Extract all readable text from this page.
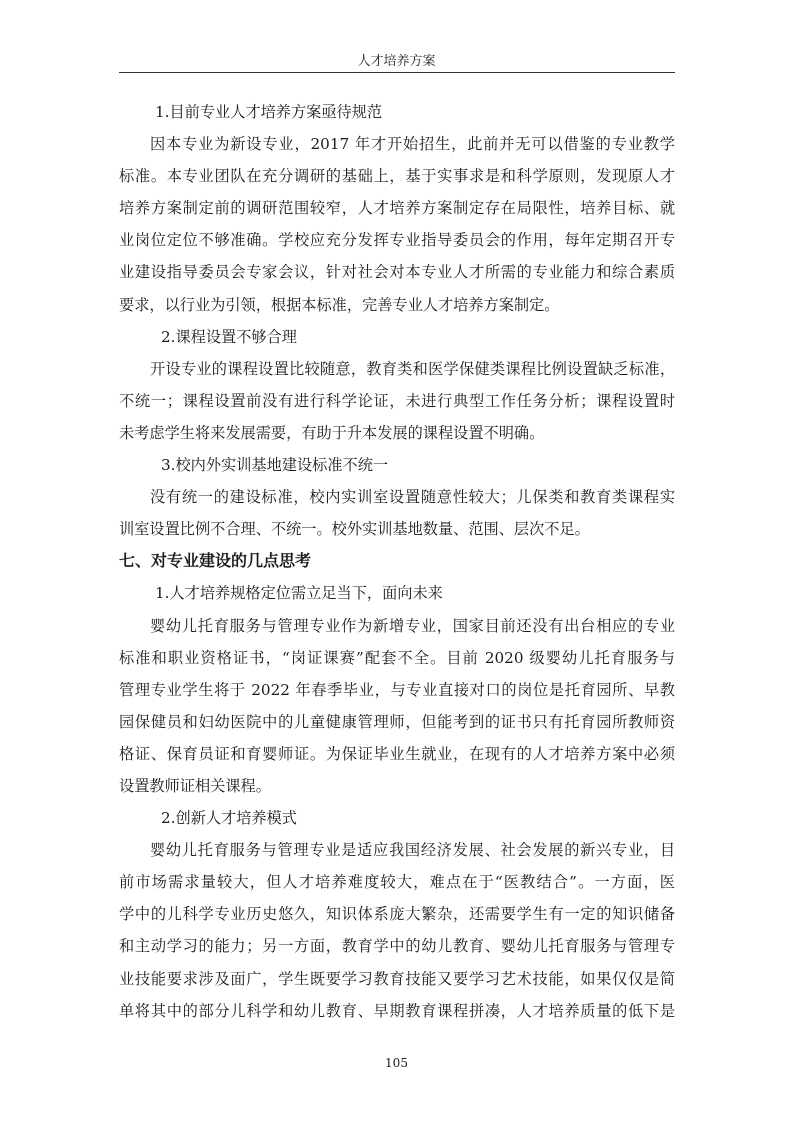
人才培养方案
1.目前专业人才培养方案亟待规范
因本专业为新设专业，2017 年才开始招生，此前并无可以借鉴的专业教学
标准。本专业团队在充分调研的基础上，基于实事求是和科学原则，发现原人才
培养方案制定前的调研范围较窄，人才培养方案制定存在局限性，培养目标、就
业岗位定位不够准确。学校应充分发挥专业指导委员会的作用，每年定期召开专
业建设指导委员会专家会议，针对社会对本专业人才所需的专业能力和综合素质
要求，以行业为引领，根据本标准，完善专业人才培养方案制定。
2.课程设置不够合理
开设专业的课程设置比较随意，教育类和医学保健类课程比例设置缺乏标准，
不统一；课程设置前没有进行科学论证，未进行典型工作任务分析；课程设置时
未考虑学生将来发展需要，有助于升本发展的课程设置不明确。
3.校内外实训基地建设标准不统一
没有统一的建设标准，校内实训室设置随意性较大；儿保类和教育类课程实
训室设置比例不合理、不统一。校外实训基地数量、范围、层次不足。
七、对专业建设的几点思考
1.人才培养规格定位需立足当下，面向未来
婴幼儿托育服务与管理专业作为新增专业，国家目前还没有出台相应的专业
标准和职业资格证书，“岗证课赛”配套不全。目前 2020 级婴幼儿托育服务与
管理专业学生将于 2022 年春季毕业，与专业直接对口的岗位是托育园所、早教
园保健员和妇幼医院中的儿童健康管理师，但能考到的证书只有托育园所教师资
格证、保育员证和育婴师证。为保证毕业生就业，在现有的人才培养方案中必须
设置教师证相关课程。
2.创新人才培养模式
婴幼儿托育服务与管理专业是适应我国经济发展、社会发展的新兴专业，目
前市场需求量较大，但人才培养难度较大，难点在于“医教结合”。一方面，医
学中的儿科学专业历史悠久，知识体系庞大繁杂，还需要学生有一定的知识储备
和主动学习的能力；另一方面，教育学中的幼儿教育、婴幼儿托育服务与管理专
业技能要求涉及面广，学生既要学习教育技能又要学习艺术技能，如果仅仅是简
单将其中的部分儿科学和幼儿教育、早期教育课程拼凑，人才培养质量的低下是
105
